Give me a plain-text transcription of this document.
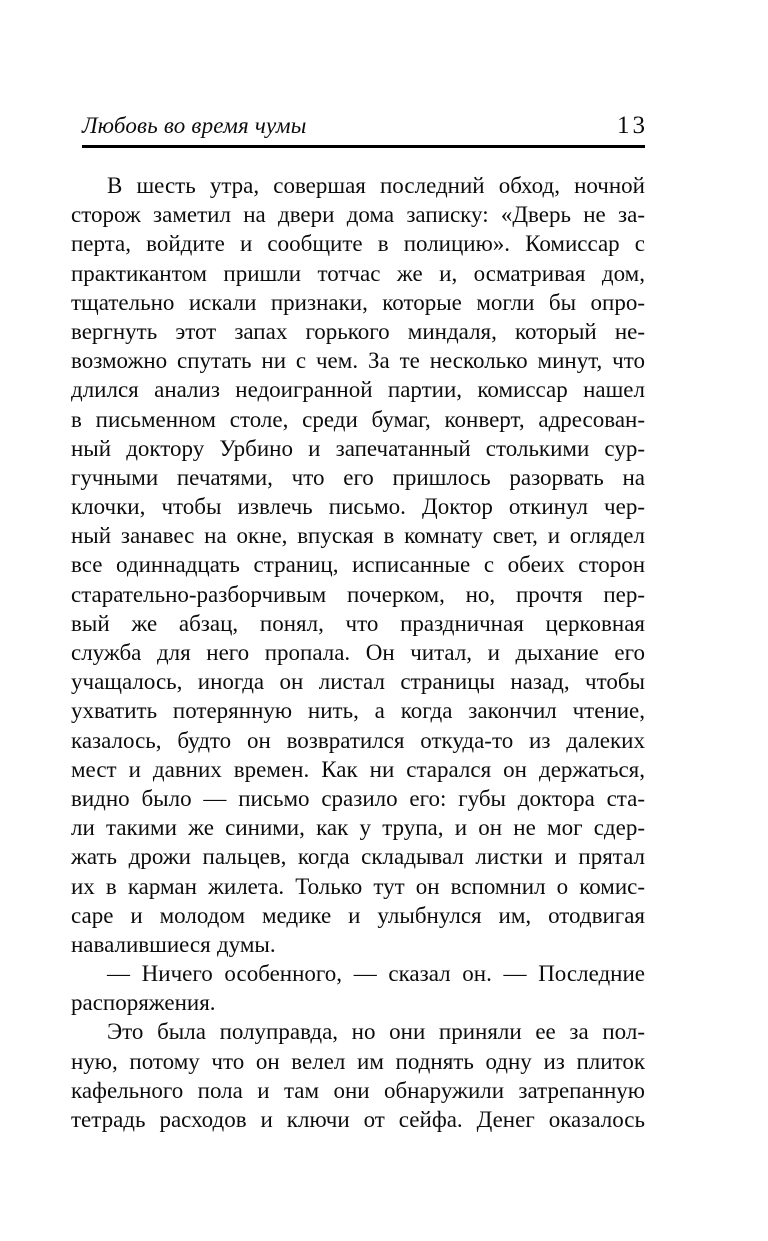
Любовь во время чумы	13
В шесть утра, совершая последний обход, ночной
сторож заметил на двери дома записку: «Дверь не за-
перта, войдите и сообщите в полицию». Комиссар с
практикантом пришли тотчас же и, осматривая дом,
тщательно искали признаки, которые могли бы опро-
вергнуть этот запах горького миндаля, который не-
возможно спутать ни с чем. За те несколько минут, что
длился анализ недоигранной партии, комиссар нашел
в письменном столе, среди бумаг, конверт, адресован-
ный доктору Урбино и запечатанный столькими сур-
гучными печатями, что его пришлось разорвать на
клочки, чтобы извлечь письмо. Доктор откинул чер-
ный занавес на окне, впуская в комнату свет, и оглядел
все одиннадцать страниц, исписанные с обеих сторон
старательно-разборчивым почерком, но, прочтя пер-
вый же абзац, понял, что праздничная церковная
служба для него пропала. Он читал, и дыхание его
учащалось, иногда он листал страницы назад, чтобы
ухватить потерянную нить, а когда закончил чтение,
казалось, будто он возвратился откуда-то из далеких
мест и давних времен. Как ни старался он держаться,
видно было — письмо сразило его: губы доктора ста-
ли такими же синими, как у трупа, и он не мог сдер-
жать дрожи пальцев, когда складывал листки и прятал
их в карман жилета. Только тут он вспомнил о комис-
саре и молодом медике и улыбнулся им, отодвигая
навалившиеся думы.
— Ничего особенного, — сказал он. — Последние
распоряжения.
Это была полуправда, но они приняли ее за пол-
ную, потому что он велел им поднять одну из плиток
кафельного пола и там они обнаружили затрепанную
тетрадь расходов и ключи от сейфа. Денег оказалось
